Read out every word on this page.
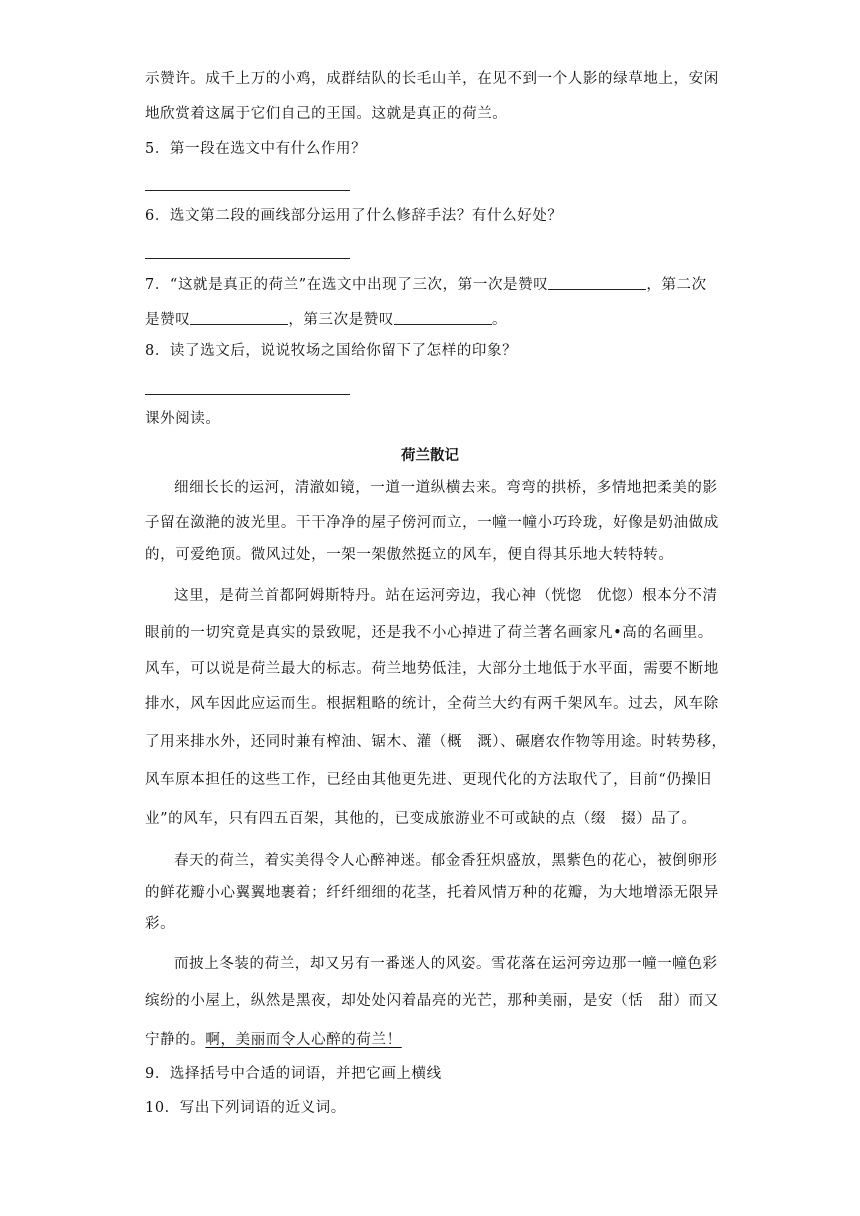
示赞许。成千上万的小鸡，成群结队的长毛山羊，在见不到一个人影的绿草地上，安闲
地欣赏着这属于它们自己的王国。这就是真正的荷兰。
5．第一段在选文中有什么作用？
6．选文第二段的画线部分运用了什么修辞手法？有什么好处？
7．“这就是真正的荷兰”在选文中出现了三次，第一次是赞叹	，第二次
是赞叹	，第三次是赞叹	。
8．读了选文后，说说牧场之国给你留下了怎样的印象？
课外阅读。
荷兰散记
细细长长的运河，清澈如镜，一道一道纵横去来。弯弯的拱桥，多情地把柔美的影
子留在潋滟的波光里。干干净净的屋子傍河而立，一幢一幢小巧玲珑，好像是奶油做成
的，可爱绝顶。微风过处，一架一架傲然挺立的风车，便自得其乐地大转特转。
这里，是荷兰首都阿姆斯特丹。站在运河旁边，我心神（恍惚　优惚）根本分不清
眼前的一切究竟是真实的景致呢，还是我不小心掉进了荷兰著名画家凡•高的名画里。
风车，可以说是荷兰最大的标志。荷兰地势低洼，大部分土地低于水平面，需要不断地
排水，风车因此应运而生。根据粗略的统计，全荷兰大约有两千架风车。过去，风车除
了用来排水外，还同时兼有榨油、锯木、灌（概　溉）、碾磨农作物等用途。时转势移，
风车原本担任的这些工作，已经由其他更先进、更现代化的方法取代了，目前“仍操旧
业”的风车，只有四五百架，其他的，已变成旅游业不可或缺的点（缀　掇）品了。
春天的荷兰，着实美得令人心醉神迷。郁金香狂炽盛放，黑紫色的花心，被倒卵形
的鲜花瓣小心翼翼地裹着；纤纤细细的花茎，托着风情万种的花瓣，为大地增添无限异
彩。
而披上冬装的荷兰，却又另有一番迷人的风姿。雪花落在运河旁边那一幢一幢色彩
缤纷的小屋上，纵然是黑夜，却处处闪着晶亮的光芒，那种美丽，是安（恬　甜）而又
宁静的。啊，美丽而令人心醉的荷兰！
9．选择括号中合适的词语，并把它画上横线
10．写出下列词语的近义词。
